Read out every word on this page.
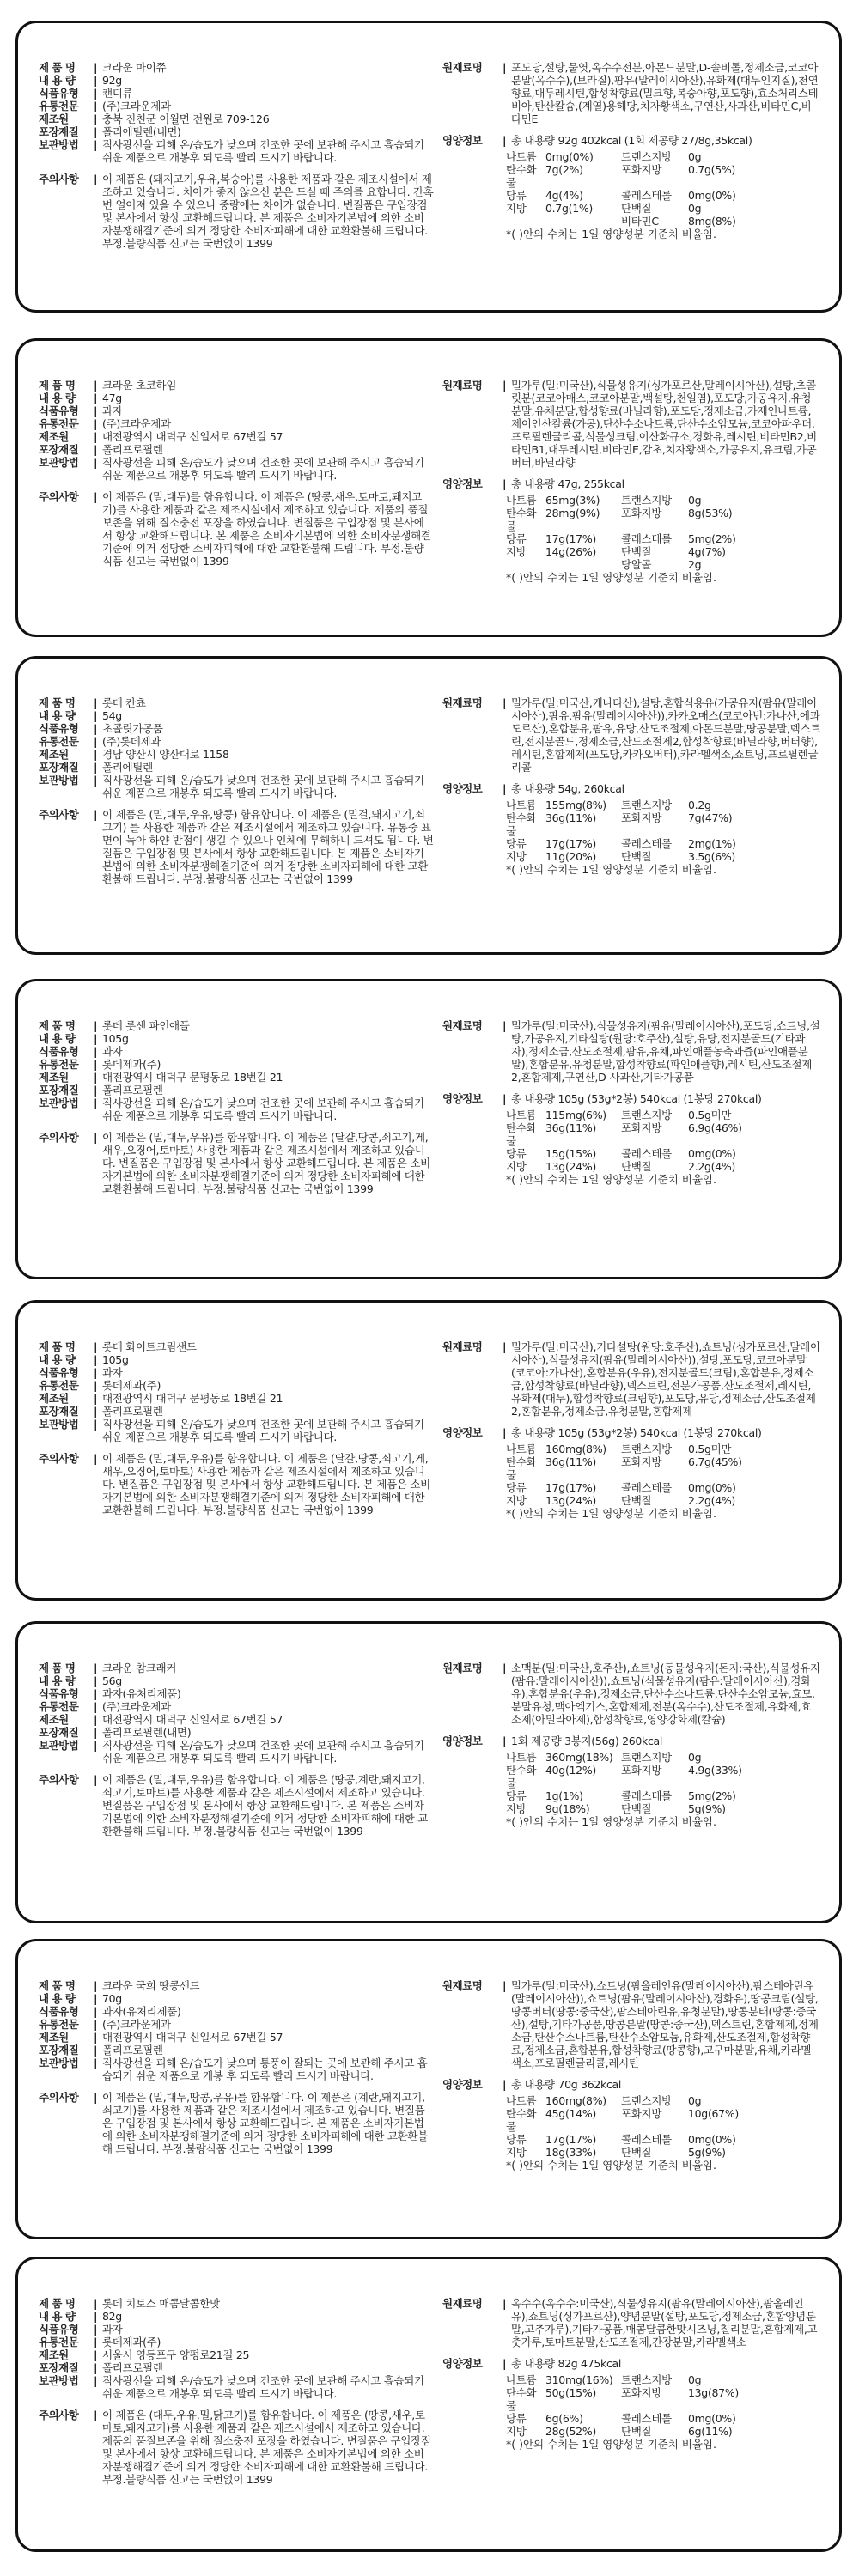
제 품 명	| 크라운 마이쮸
내 용 량	| 92g
식품유형	| 캔디류
유통전문	| (주)크라운제과
제조원	| 충북 진천군 이월면 전원로 709-126
포장재질	| 폴리에틸렌(내면)
보관방법	| 직사광선을 피해 온/습도가 낮으며 건조한 곳에 보관해 주시고 흡습되기 쉬운 제품으로 개봉후 되도록 빨리 드시기 바랍니다.
주의사항	| 이 제품은 (돼지고기,우유,복숭아)를 사용한 제품과 같은 제조시설에서 제조하고 있습니다. 치아가 좋지 않으신 분은 드실 때 주의를 요합니다. 간혹 변 얼어져 있을 수 있으나 중량에는 차이가 없습니다. 변질품은 구입장점 및 본사에서 항상 교환해드립니다. 본 제품은 소비자기본법에 의한 소비자분쟁해결기준에 의거 정당한 소비자피해에 대한 교환환불해 드립니다. 부정.불량식품 신고는 국번없이 1399
원재료명	| 포도당,설탕,물엿,옥수수전분,아몬드분말,D-솔비톨,정제소금,코코아분말(옥수수),(브라질),팜유(말레이시아산),유화제(대두인지질),천연향료,대두레시틴,합성착향료(밀크향,복숭아향,포도향),효소처리스테비아,탄산칼슘,(계열)용해당,치자황색소,구연산,사과산,비타민C,비타민E
영양정보	| 총 내용량 92g 402kcal (1회 제공량 27/8g,35kcal)
나트륨 0mg(0%)	트랜스지방	0g
탄수화물
7g(2%)	포화지방	0.7g(5%)
당류	4g(4%)	콜레스테롤	0mg(0%)
지방	0.7g(1%)	단백질	0g
비타민C	8mg(8%)
*( )안의 수치는 1일 영양성분 기준치 비율임.
제 품 명	| 크라운 초코하임
내 용 량	| 47g
식품유형	| 과자
유통전문	| (주)크라운제과
제조원	| 대전광역시 대덕구 신일서로 67번길 57
포장재질	| 폴리프로필렌
보관방법	| 직사광선을 피해 온/습도가 낮으며 건조한 곳에 보관해 주시고 흡습되기 쉬운 제품으로 개봉후 되도록 빨리 드시기 바랍니다.
주의사항	| 이 제품은 (밀,대두)를 함유합니다. 이 제품은 (땅콩,새우,토마토,돼지고기)를 사용한 제품과 같은 제조시설에서 제조하고 있습니다. 제품의 품질보존을 위해 질소충전 포장을 하였습니다. 변질품은 구입장점 및 본사에서 항상 교환해드립니다. 본 제품은 소비자기본법에 의한 소비자분쟁해결기준에 의거 정당한 소비자피해에 대한 교환환불해 드립니다. 부정.불량식품 신고는 국번없이 1399
원재료명	| 밀가루(밀:미국산),식물성유지(싱가포르산,말레이시아산),설탕,초콜릿분(코코아매스,코코아분말,백설탕,천일염),포도당,가공유지,유청분말,유채분말,합성향료(바닐라향),포도당,정제소금,카제인나트륨,제이인산칼륨(가공),탄산수소나트륨,탄산수소암모늄,코코아파우더,프로필렌글리콜,식물성크림,이산화규소,경화유,레시틴,비타민B2,비타민B1,대두레시틴,비타민E,감초,치자황색소,가공유지,유크림,가공버터,바닐라향
영양정보	| 총 내용량 47g, 255kcal
나트륨 65mg(3%)	트랜스지방	0g
탄수화물
28mg(9%)	포화지방	8g(53%)
당류	17g(17%)	콜레스테롤	5mg(2%)
지방	14g(26%)	단백질	4g(7%)
당알콜	2g
*( )안의 수치는 1일 영양성분 기준치 비율임.
제 품 명	| 롯데 칸쵸
내 용 량	| 54g
식품유형	| 초콜릿가공품
유통전문	| (주)롯데제과
제조원	| 경남 양산시 양산대로 1158
포장재질	| 폴리에틸렌
보관방법	| 직사광선을 피해 온/습도가 낮으며 건조한 곳에 보관해 주시고 흡습되기 쉬운 제품으로 개봉후 되도록 빨리 드시기 바랍니다.
주의사항	| 이 제품은 (밀,대두,우유,땅콩) 함유합니다. 이 제품은 (밀걸,돼지고기,쇠고기) 를 사용한 제품과 같은 제조시설에서 제조하고 있습니다. 유통중 표면이 녹아 하얀 반점이 생길 수 있으나 인체에 무해하니 드셔도 됩니다. 변질품은 구입장점 및 본사에서 항상 교환해드립니다. 본 제품은 소비자기본법에 의한 소비자분쟁해결기준에 의거 정당한 소비자피해에 대한 교환환불해 드립니다. 부정.불량식품 신고는 국번없이 1399
원재료명	| 밀가루(밀:미국산,캐나다산),설탕,혼합식용유(가공유지(팜유(말레이시아산),팜유,팜유(말레이시아산)),카카오매스(코코아빈:가나산,에콰도르산),혼합분유,팜유,유당,산도조절제,아몬드분말,땅콩분말,덱스트린,전지분골드,정제소금,산도조절제2,합성착향료(바닐라향,버터향),레시틴,혼합제제(포도당,카카오버터),카라멜색소,쇼트닝,프로필렌글리콜
영양정보	| 총 내용량 54g, 260kcal
나트륨 155mg(8%)	트랜스지방	0.2g
탄수화물
36g(11%)	포화지방	7g(47%)
당류	17g(17%)	콜레스테롤	2mg(1%)
지방	11g(20%)	단백질	3.5g(6%)
*( )안의 수치는 1일 영양성분 기준치 비율임.
제 품 명	| 롯데 롯샌 파인애플
내 용 량	| 105g
식품유형	| 과자
유통전문	| 롯데제과(주)
제조원	| 대전광역시 대덕구 문평동로 18번길 21
포장재질	| 폴리프로필렌
보관방법	| 직사광선을 피해 온/습도가 낮으며 건조한 곳에 보관해 주시고 흡습되기 쉬운 제품으로 개봉후 되도록 빨리 드시기 바랍니다.
주의사항	| 이 제품은 (밀,대두,우유)를 함유합니다. 이 제품은 (달걀,땅콩,쇠고기,게,새우,오징어,토마토) 사용한 제품과 같은 제조시설에서 제조하고 있습니다. 변질품은 구입장점 및 본사에서 항상 교환해드립니다. 본 제품은 소비자기본법에 의한 소비자분쟁해결기준에 의거 정당한 소비자피해에 대한 교환환불해 드립니다. 부정.불량식품 신고는 국번없이 1399
원재료명	| 밀가루(밀:미국산),식물성유지(팜유(말레이시아산),포도당,쇼트닝,설탕,가공유지,기타설탕(원당:호주산),설탕,유당,전지분골드(기타과자),정제소금,산도조절제,팜유,유채,파인애플농축과즙(파인애플분말),혼합분유,유청분말,합성착향료(파인애플향),레시틴,산도조절제2,혼합제제,구연산,D-사과산,기타가공품
영양정보	| 총 내용량 105g (53g*2봉) 540kcal (1봉당 270kcal)
나트륨 115mg(6%)	트랜스지방	0.5g미만
탄수화물
36g(11%)	포화지방	6.9g(46%)
당류	15g(15%)	콜레스테롤	0mg(0%)
지방	13g(24%)	단백질	2.2g(4%)
*( )안의 수치는 1일 영양성분 기준치 비율임.
제 품 명	| 롯데 화이트크림샌드
내 용 량	| 105g
식품유형	| 과자
유통전문	| 롯데제과(주)
제조원	| 대전광역시 대덕구 문평동로 18번길 21
포장재질	| 폴리프로필렌
보관방법	| 직사광선을 피해 온/습도가 낮으며 건조한 곳에 보관해 주시고 흡습되기 쉬운 제품으로 개봉후 되도록 빨리 드시기 바랍니다.
주의사항	| 이 제품은 (밀,대두,우유)를 함유합니다. 이 제품은 (달걀,땅콩,쇠고기,게,새우,오징어,토마토) 사용한 제품과 같은 제조시설에서 제조하고 있습니다. 변질품은 구입장점 및 본사에서 항상 교환해드립니다. 본 제품은 소비자기본법에 의한 소비자분쟁해결기준에 의거 정당한 소비자피해에 대한 교환환불해 드립니다. 부정.불량식품 신고는 국번없이 1399
원재료명	| 밀가루(밀:미국산),기타설탕(원당:호주산),쇼트닝(싱가포르산,말레이시아산),식물성유지(팜유(말레이시아산)),설탕,포도당,코코아분말(코코아:가나산),혼합분유(우유),전지분골드(크림),혼합분유,정제소금,합성착향료(바닐라향),덱스트린,전분가공품,산도조절제,레시틴,유화제(대두),합성착향료(크림향),포도당,유당,정제소금,산도조절제2,혼합분유,정제소금,유청분말,혼합제제
영양정보	| 총 내용량 105g (53g*2봉) 540kcal (1봉당 270kcal)
나트륨 160mg(8%)	트랜스지방	0.5g미만
탄수화물
36g(11%)	포화지방	6.7g(45%)
당류	17g(17%)	콜레스테롤	0mg(0%)
지방	13g(24%)	단백질	2.2g(4%)
*( )안의 수치는 1일 영양성분 기준치 비율임.
제 품 명	| 크라운 참크래커
내 용 량	| 56g
식품유형	| 과자(유처리제품)
유통전문	| (주)크라운제과
제조원	| 대전광역시 대덕구 신일서로 67번길 57
포장재질	| 폴리프로필렌(내면)
보관방법	| 직사광선을 피해 온/습도가 낮으며 건조한 곳에 보관해 주시고 흡습되기 쉬운 제품으로 개봉후 되도록 빨리 드시기 바랍니다.
주의사항	| 이 제품은 (밀,대두,우유)를 함유합니다. 이 제품은 (땅콩,계란,돼지고기,쇠고기,토마토)를 사용한 제품과 같은 제조시설에서 제조하고 있습니다. 변질품은 구입장점 및 본사에서 항상 교환해드립니다. 본 제품은 소비자기본법에 의한 소비자분쟁해결기준에 의거 정당한 소비자피해에 대한 교환환불해 드립니다. 부정.불량식품 신고는 국번없이 1399
원재료명	| 소맥분(밀:미국산,호주산),쇼트닝(동물성유지(돈지:국산),식물성유지(팜유:말레이시아산)),쇼트닝(식물성유지(팜유:말레이시아산),경화유),혼합분유(우유),정제소금,탄산수소나트륨,탄산수소암모늄,효모,분말유청,맥아엑기스,혼합제제,전분(옥수수),산도조절제,유화제,효소제(아밀라아제),합성착향료,영양강화제(칼슘)
영양정보	| 1회 제공량 3봉지(56g) 260kcal
나트륨 360mg(18%) 트랜스지방	0g
탄수화물
40g(12%)	포화지방	4.9g(33%)
당류	1g(1%)	콜레스테롤	5mg(2%)
지방	9g(18%)	단백질	5g(9%)
*( )안의 수치는 1일 영양성분 기준치 비율임.
제 품 명	| 크라운 국희 땅콩샌드
내 용 량	| 70g
식품유형	| 과자(유처리제품)
유통전문	| (주)크라운제과
제조원	| 대전광역시 대덕구 신일서로 67번길 57
포장재질	| 폴리프로필렌
보관방법	| 직사광선을 피해 온/습도가 낮으며 통풍이 잘되는 곳에 보관해 주시고 흡습되기 쉬운 제품으로 개봉 후 되도록 빨리 드시기 바랍니다.
주의사항	| 이 제품은 (밀,대두,땅콩,우유)를 함유합니다. 이 제품은 (계란,돼지고기,쇠고기)를 사용한 제품과 같은 제조시설에서 제조하고 있습니다. 변질품은 구입장점 및 본사에서 항상 교환해드립니다. 본 제품은 소비자기본법에 의한 소비자분쟁해결기준에 의거 정당한 소비자피해에 대한 교환환불해 드립니다. 부정.불량식품 신고는 국번없이 1399
원재료명	| 밀가루(밀:미국산),쇼트닝(팜올레인유(말레이시아산),팜스테아린유(말레이시아산)),쇼트닝(팜유(말레이시아산),경화유),땅콩크림(설탕,땅콩버터(땅콩:중국산),팜스테아린유,유청분말),땅콩분태(땅콩:중국산),설탕,기타가공품,땅콩분말(땅콩:중국산),덱스트린,혼합제제,정제소금,탄산수소나트륨,탄산수소암모늄,유화제,산도조절제,합성착향료,정제소금,혼합분유,합성착향료(땅콩향),고구마분말,유채,카라멜색소,프로필렌글리콜,레시틴
영양정보	| 총 내용량 70g 362kcal
나트륨 160mg(8%)	트랜스지방	0g
탄수화물
45g(14%)	포화지방	10g(67%)
당류	17g(17%)	콜레스테롤	0mg(0%)
지방	18g(33%)	단백질	5g(9%)
*( )안의 수치는 1일 영양성분 기준치 비율임.
제 품 명	| 롯데 치토스 매콤달콤한맛
내 용 량	| 82g
식품유형	| 과자
유통전문	| 롯데제과(주)
제조원	| 서울시 영등포구 양평로21길 25
포장재질	| 폴리프로필렌
보관방법	| 직사광선을 피해 온/습도가 낮으며 건조한 곳에 보관해 주시고 흡습되기 쉬운 제품으로 개봉후 되도록 빨리 드시기 바랍니다.
주의사항	| 이 제품은 (대두,우유,밀,닭고기)를 함유합니다. 이 제품은 (땅콩,새우,토마토,돼지고기)를 사용한 제품과 같은 제조시설에서 제조하고 있습니다. 제품의 품질보존을 위해 질소충전 포장을 하였습니다. 변질품은 구입장점 및 본사에서 항상 교환해드립니다. 본 제품은 소비자기본법에 의한 소비자분쟁해결기준에 의거 정당한 소비자피해에 대한 교환환불해 드립니다. 부정.불량식품 신고는 국번없이 1399
원재료명	| 옥수수(옥수수:미국산),식물성유지(팜유(말레이시아산),팜올레인유),쇼트닝(싱가포르산),양념분말(설탕,포도당,정제소금,혼합양념분말,고추가루),기타가공품,매콤달콤한맛시즈닝,칠리분말,혼합제제,고춧가루,토마토분말,산도조절제,간장분말,카라멜색소
영양정보	| 총 내용량 82g 475kcal
나트륨 310mg(16%) 트랜스지방	0g
탄수화물
50g(15%)	포화지방	13g(87%)
당류	6g(6%)	콜레스테롤	0mg(0%)
지방	28g(52%)	단백질	6g(11%)
*( )안의 수치는 1일 영양성분 기준치 비율임.
